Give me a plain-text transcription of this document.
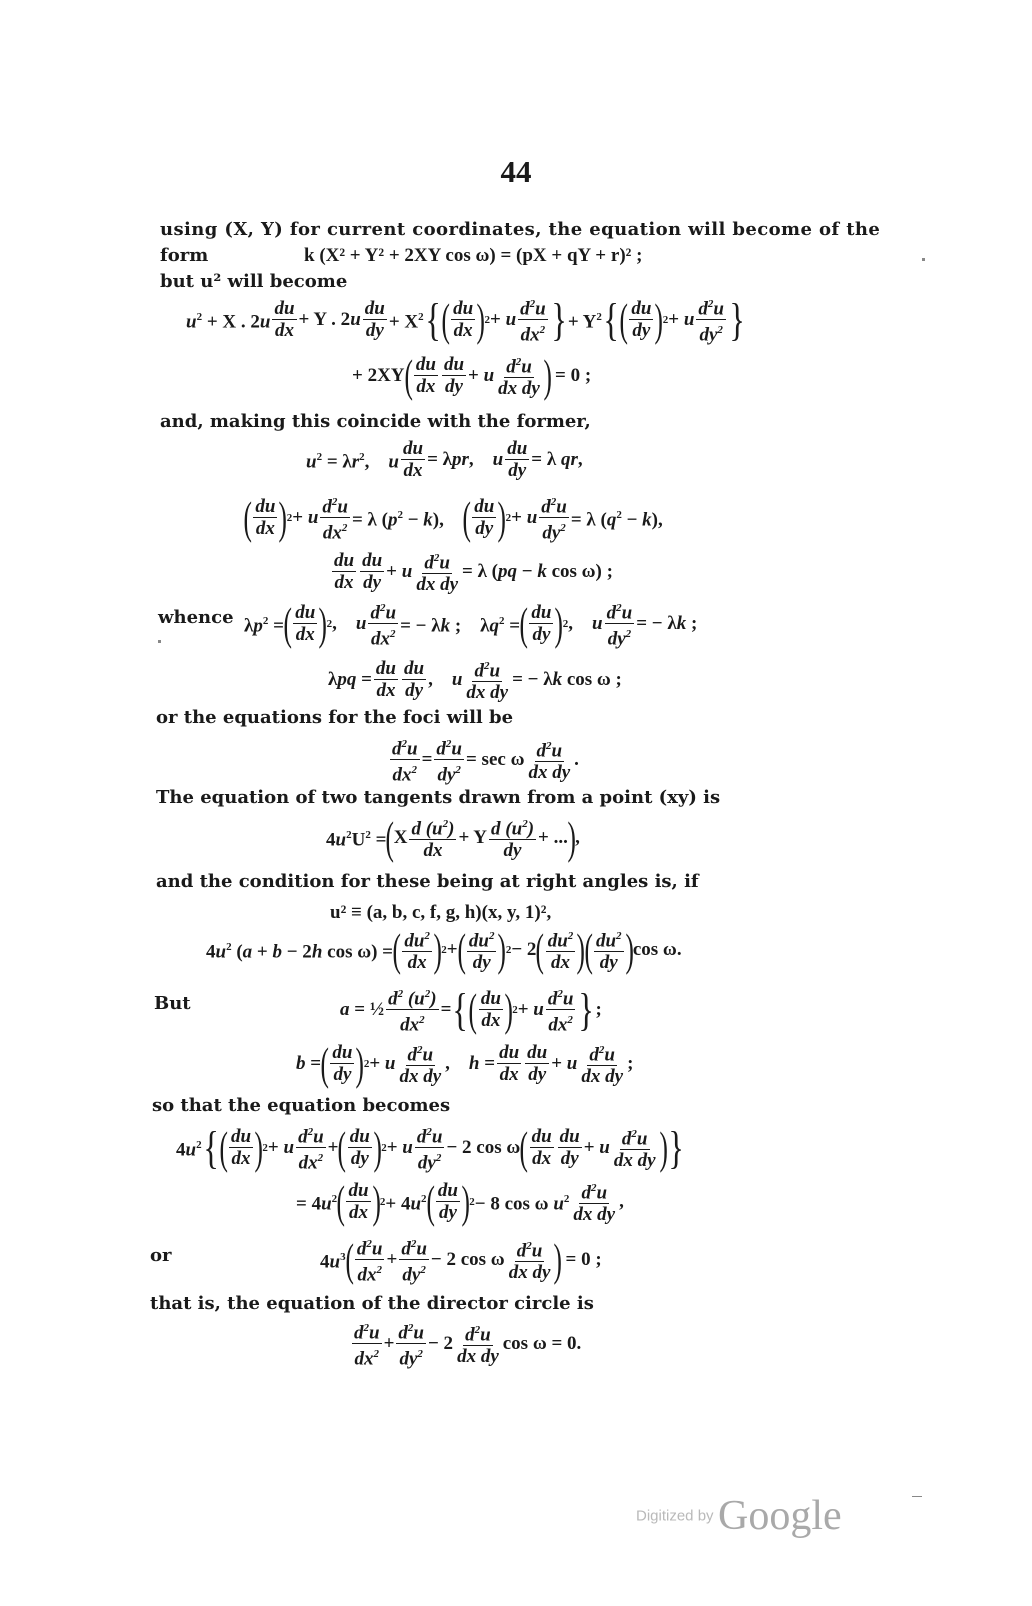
44
using (X, Y) for current coordinates, the equation will become of the
form	k (X² + Y² + 2XY cos ω) = (pX + qY + r)² ;
but u² will become
$u^2 + X$ . $2u \frac{du}{dx} + Y$ . $2u \frac{du}{dy} + X^2$ { ( $\frac{du}{dx}$ ) 2 + u $\frac{d^2u}{dx^2}$ } + $Y^2$ { ( $\frac{du}{dy}$ ) 2 + u $\frac{d^2u}{dy^2}$ }
+ 2XY ( $\frac{du}{dx} \frac{du}{dy} + u \frac{d^2u}{\text{dx dy}}$ )  = 0 ;
and, making this coincide with the former,
$u^2 = \lambda r^2$, u $\frac{du}{dx} = \lambda pr$, u $\frac{du}{dy} = \lambda$ qr,
( $\frac{du}{dx}$ ) 2 + u $\frac{d^2u}{dx^2} = \lambda$ $(p^2 - k)$,  ( $\frac{du}{dy}$ ) 2 + u $\frac{d^2u}{dy^2} = \lambda$ $(q^2 - k)$,
$\frac{du}{dx} \frac{du}{dy} + u \frac{d^2u}{\text{dx dy}} = \lambda$ (pq − k cos ω) ;
whence $\lambda p^2$ = ( $\frac{du}{dx}$ ) 2 , u $\frac{d^2u}{dx^2}$ = − λk ; $\lambda q^2$ = ( $\frac{du}{dy}$ ) 2 , u $\frac{d^2u}{dy^2}$ = − λk ;
$\lambda pq = \frac{du}{dx} \frac{du}{dy}$ , u $\frac{d^2u}{\text{dx dy}}$ = − λk cos ω ;
or the equations for the foci will be
$\frac{d^2u}{dx^2} = \frac{d^2u}{dy^2} = \sec \omega \frac{d^2u}{\text{dx dy}}$ .
The equation of two tangents drawn from a point (xy) is
$4u^2U^2$ = ( X $\frac{d (u^2)}{dx} + Y \frac{d (u^2)}{dy}$ + ... ) ,
and the condition for these being at right angles is, if
u² ≡ (a, b, c, f, g, h)(x, y, 1)²,
$4u^2$ (a + b − 2h cos ω) = ( $\frac{du^2}{dx}$ ) 2 + ( $\frac{du^2}{dy}$ ) 2 − 2 ( $\frac{du^2}{dx}$ )
( $\frac{du^2}{dy}$ ) cos ω.
But	a = ½ $\frac{d^2 (u^2)}{dx^2}$ = { ( $\frac{du}{dx}$ ) 2 + u $\frac{d^2u}{dx^2}$ } ;
b = ( $\frac{du}{dy}$ ) 2 + u $\frac{d^2u}{\text{dx dy}}$ , $h = \frac{du}{dx} \frac{du}{dy} + u \frac{d^2u}{\text{dx dy}}$ ;
so that the equation becomes
$4u^2$ { ( $\frac{du}{dx}$ ) 2 + u $\frac{d^2u}{dx^2}$ + ( $\frac{du}{dy}$ ) 2 + u $\frac{d^2u}{dy^2} - 2$ cos ω ( $\frac{du}{dx} \frac{du}{dy} + u \frac{d^2u}{\text{dx dy}}$ ) }
= $4u^2$ ( $\frac{du}{dx}$ ) $2 + 4u^2$ ( $\frac{du}{dy}$ ) 2 − 8 cos ω $u^2 \frac{d^2u}{\text{dx dy}}$ ,
or	$4u^3$ ( $\frac{d^2u}{dx^2} + \frac{d^2u}{dy^2} - 2$ cos ω $\frac{d^2u}{\text{dx dy}}$ )  = 0 ;
that is, the equation of the director circle is
$\frac{d^2u}{dx^2} + \frac{d^2u}{dy^2} - 2 \frac{d^2u}{\text{dx dy}}$ cos ω = 0.
Digitized by Google
